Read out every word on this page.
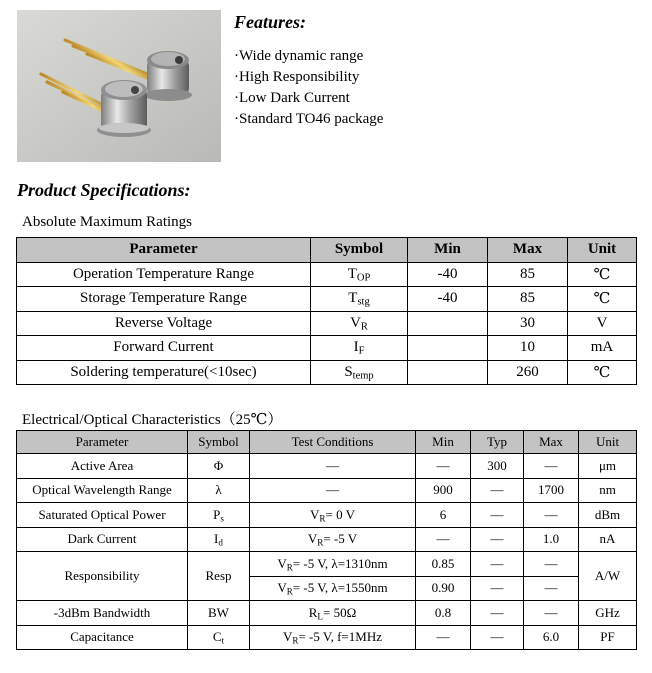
Features:
·Wide dynamic range
·High Responsibility
·Low Dark Current
·Standard TO46 package
Product Specifications:
Absolute Maximum Ratings
Parameter	Symbol	Min	Max	Unit
Operation Temperature Range	$T_{OP}$	-40	85	℃
Storage Temperature Range	$T_{stg}$	-40	85	℃
Reverse Voltage	$V_R$		30	V
Forward Current	$I_F$		10	mA
Soldering temperature(<10sec)	$S_{temp}$		260	℃
Electrical/Optical Characteristics（25℃）
Parameter	Symbol	Test Conditions	Min	Typ	Max	Unit
Active Area	Φ	—	—	300	—	μm
Optical Wavelength Range	λ	—	900	—	1700	nm
Saturated Optical Power	$P_s$	$V_R= 0$ V	6	—	—	dBm
Dark Current	$I_d$	$V_R= -5$ V	—	—	1.0	nA
Responsibility	Resp	$V_R= -5$ V, λ=1310nm	0.85	—	—	A/W
		$V_R= -5$ V, λ=1550nm	0.90	—	—	
-3dBm Bandwidth	BW	$R_L= 50\Omega$	0.8	—	—	GHz
Capacitance	$C_t$	$V_R= -5$ V, f=1MHz	—	—	6.0	PF
